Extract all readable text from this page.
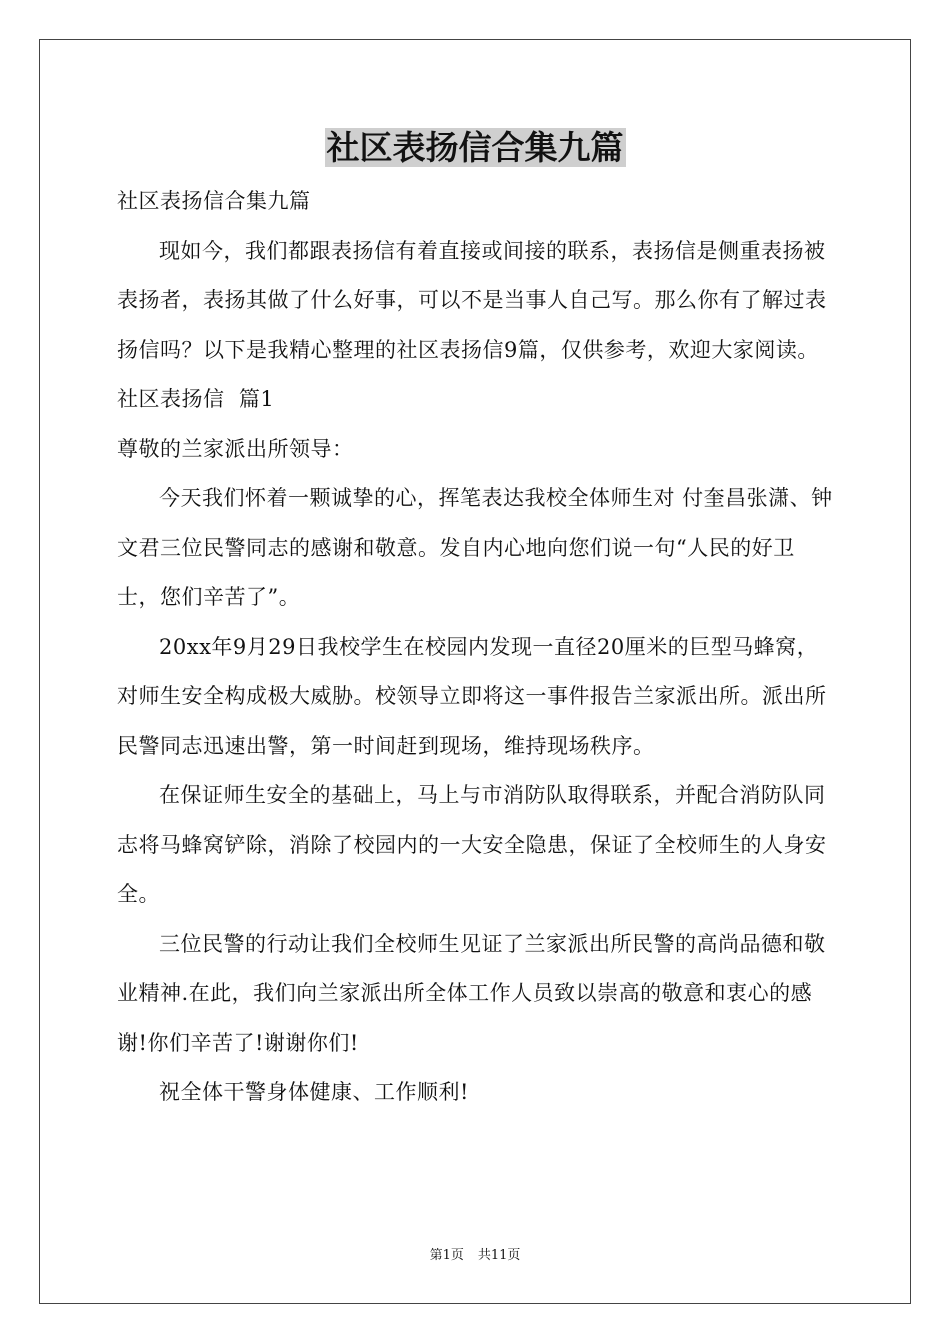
社区表扬信合集九篇

社区表扬信合集九篇

现如今，我们都跟表扬信有着直接或间接的联系，表扬信是侧重表扬被表扬者，表扬其做了什么好事，可以不是当事人自己写。那么你有了解过表扬信吗？以下是我精心整理的社区表扬信9篇，仅供参考，欢迎大家阅读。

社区表扬信  篇1

尊敬的兰家派出所领导：

今天我们怀着一颗诚挚的心，挥笔表达我校全体师生对 付奎昌张潇、钟文君三位民警同志的感谢和敬意。发自内心地向您们说一句“人民的好卫士，您们辛苦了”。

20xx年9月29日我校学生在校园内发现一直径20厘米的巨型马蜂窝，对师生安全构成极大威胁。校领导立即将这一事件报告兰家派出所。派出所民警同志迅速出警，第一时间赶到现场，维持现场秩序。

在保证师生安全的基础上，马上与市消防队取得联系，并配合消防队同志将马蜂窝铲除，消除了校园内的一大安全隐患，保证了全校师生的人身安全。

三位民警的行动让我们全校师生见证了兰家派出所民警的高尚品德和敬业精神.在此，我们向兰家派出所全体工作人员致以崇高的敬意和衷心的感谢!你们辛苦了!谢谢你们!

祝全体干警身体健康、工作顺利!

第1页 共11页
